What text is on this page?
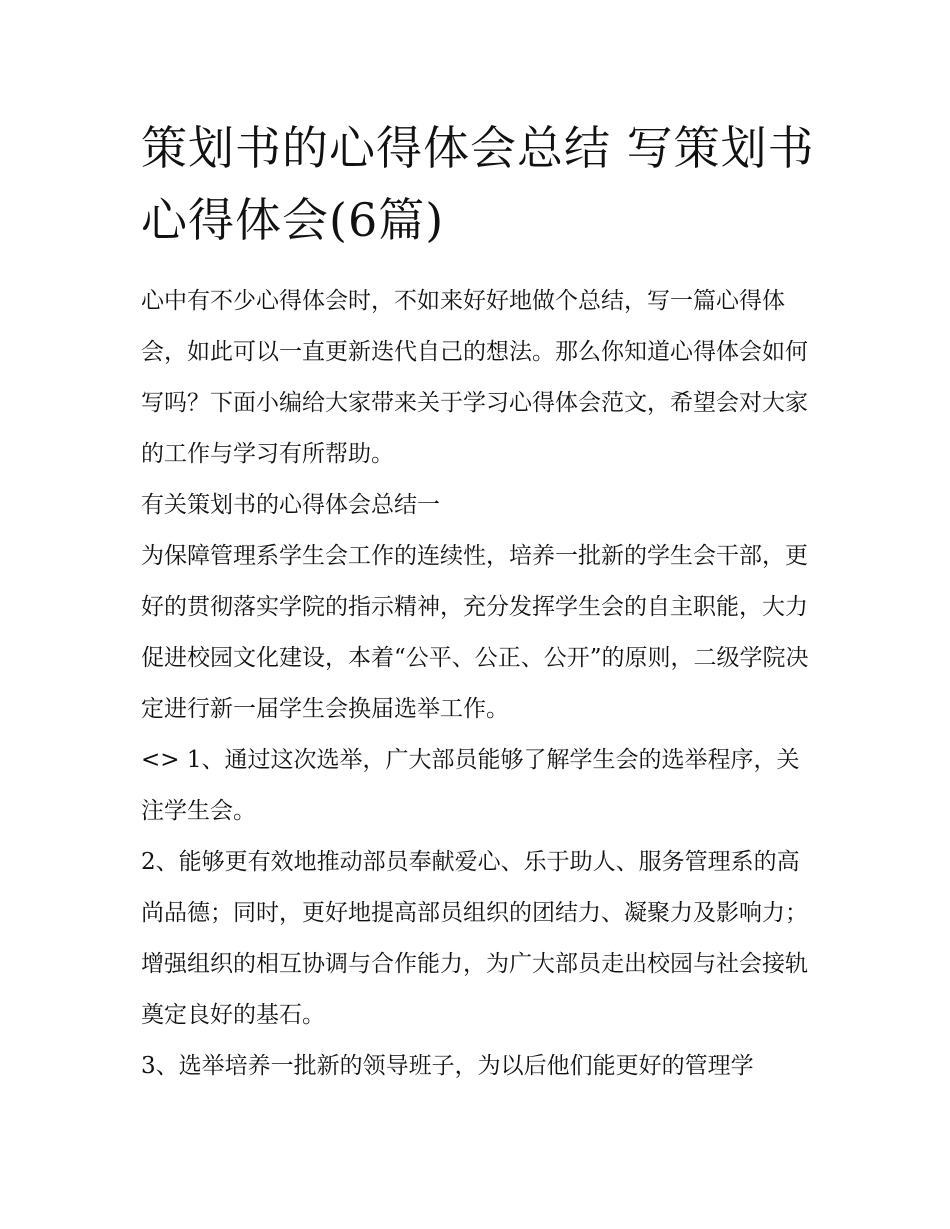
策划书的心得体会总结 写策划书心得体会(6篇)

心中有不少心得体会时，不如来好好地做个总结，写一篇心得体会，如此可以一直更新迭代自己的想法。那么你知道心得体会如何写吗？下面小编给大家带来关于学习心得体会范文，希望会对大家的工作与学习有所帮助。

有关策划书的心得体会总结一

为保障管理系学生会工作的连续性，培养一批新的学生会干部，更好的贯彻落实学院的指示精神，充分发挥学生会的自主职能，大力促进校园文化建设，本着“公平、公正、公开”的原则，二级学院决定进行新一届学生会换届选举工作。

<> 1、通过这次选举，广大部员能够了解学生会的选举程序，关注学生会。

2、能够更有效地推动部员奉献爱心、乐于助人、服务管理系的高尚品德；同时，更好地提高部员组织的团结力、凝聚力及影响力；增强组织的相互协调与合作能力，为广大部员走出校园与社会接轨奠定良好的基石。

3、选举培养一批新的领导班子，为以后他们能更好的管理学
